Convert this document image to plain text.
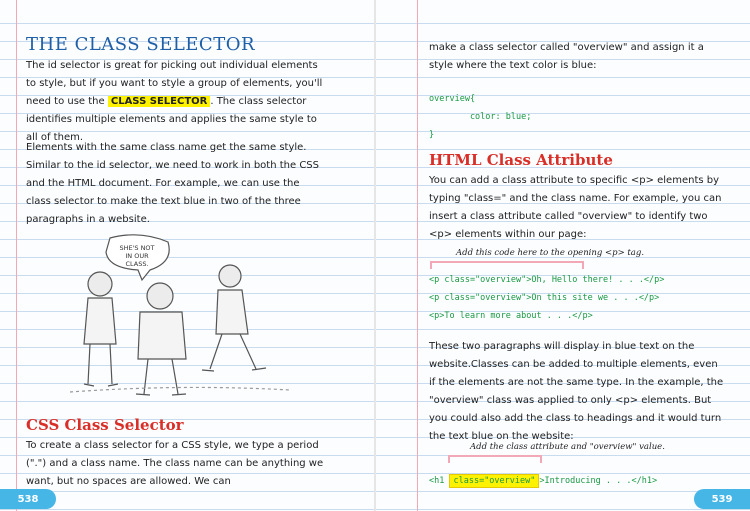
THE CLASS SELECTOR
The id selector is great for picking out individual elements to style, but if you want to style a group of elements, you'll need to use the CLASS SELECTOR . The class selector identifies multiple elements and applies the same style to all of them.
Elements with the same class name get the same style. Similar to the id selector, we need to work in both the CSS and the HTML document. For example, we can use the class selector to make the text blue in two of the three paragraphs in a website.
SHE'S NOT
IN OUR
CLASS.
CSS Class Selector
To create a class selector for a CSS style, we type a period (".") and a class name. The class name can be anything we want, but no spaces are allowed. We can
538
make a class selector called "overview" and assign it a style where the text color is blue:
overview{
color: blue;
}
HTML Class Attribute
You can add a class attribute to specific <p> elements by typing "class=" and the class name. For example, you can insert a class attribute called "overview" to identify two <p> elements within our page:
Add this code here to the opening <p> tag.
<p class="overview">Oh, Hello there! . . .</p>
<p class="overview">On this site we . . .</p>
<p>To learn more about . . .</p>
These two paragraphs will display in blue text on the website.Classes can be added to multiple elements, even if the elements are not the same type. In the example, the "overview" class was applied to only <p> elements. But you could also add the class to headings and it would turn the text blue on the website:
Add the class attribute and "overview" value.
<h1 class="overview" >Introducing . . .</h1>
539
